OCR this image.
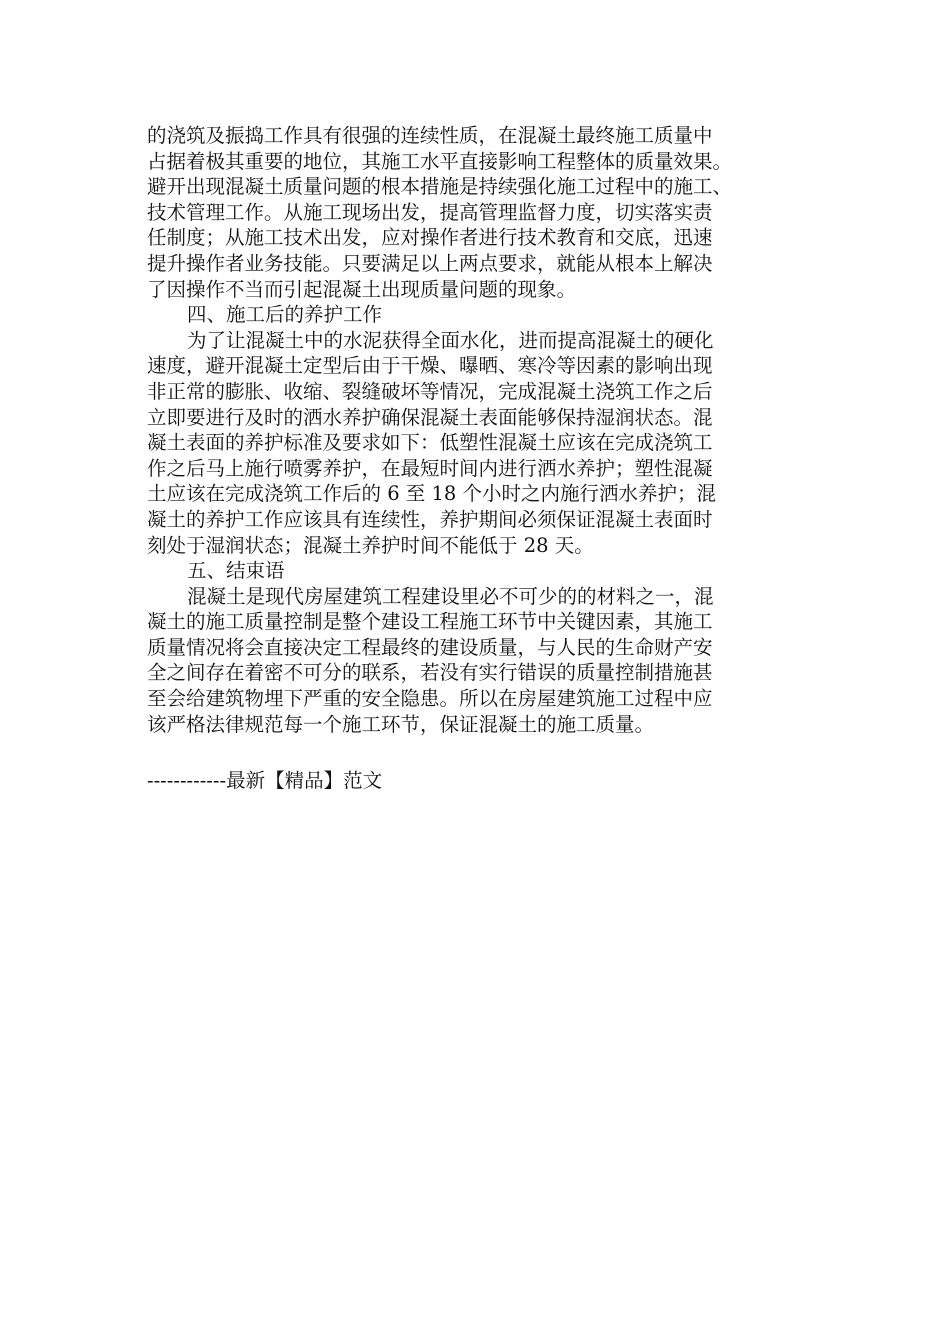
的浇筑及振捣工作具有很强的连续性质，在混凝土最终施工质量中
占据着极其重要的地位，其施工水平直接影响工程整体的质量效果。
避开出现混凝土质量问题的根本措施是持续强化施工过程中的施工、
技术管理工作。从施工现场出发，提高管理监督力度，切实落实责
任制度；从施工技术出发，应对操作者进行技术教育和交底，迅速
提升操作者业务技能。只要满足以上两点要求，就能从根本上解决
了因操作不当而引起混凝土出现质量问题的现象。
四、施工后的养护工作
为了让混凝土中的水泥获得全面水化，进而提高混凝土的硬化
速度，避开混凝土定型后由于干燥、曝晒、寒冷等因素的影响出现
非正常的膨胀、收缩、裂缝破坏等情况，完成混凝土浇筑工作之后
立即要进行及时的洒水养护确保混凝土表面能够保持湿润状态。混
凝土表面的养护标准及要求如下：低塑性混凝土应该在完成浇筑工
作之后马上施行喷雾养护，在最短时间内进行洒水养护；塑性混凝
土应该在完成浇筑工作后的 6 至 18 个小时之内施行洒水养护；混
凝土的养护工作应该具有连续性，养护期间必须保证混凝土表面时
刻处于湿润状态；混凝土养护时间不能低于 28 天。
五、结束语
混凝土是现代房屋建筑工程建设里必不可少的的材料之一，混
凝土的施工质量控制是整个建设工程施工环节中关键因素，其施工
质量情况将会直接决定工程最终的建设质量，与人民的生命财产安
全之间存在着密不可分的联系，若没有实行错误的质量控制措施甚
至会给建筑物埋下严重的安全隐患。所以在房屋建筑施工过程中应
该严格法律规范每一个施工环节，保证混凝土的施工质量。
------------最新【精品】范文
